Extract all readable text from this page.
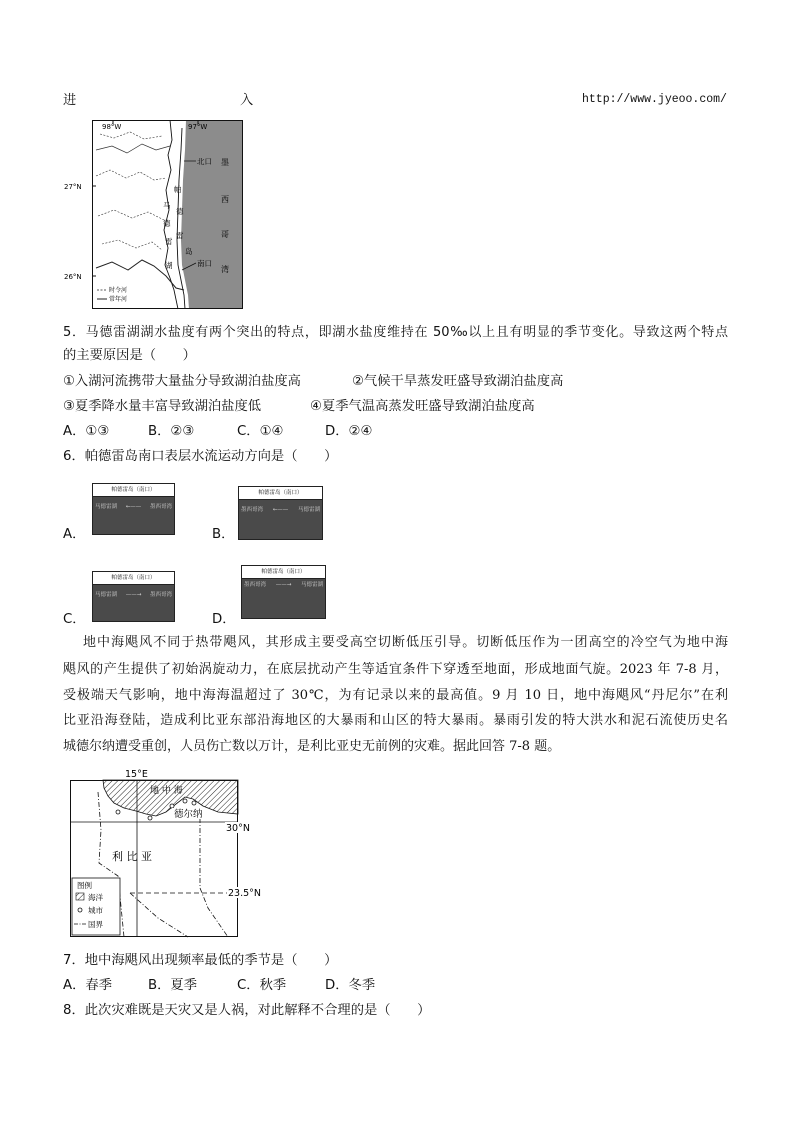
进	入	http://www.jyeoo.com/
27°N
26°N
98°W	97°W
北口
南口
墨
西
哥
湾
帕
德
雷
岛
马
德
雷
湖
时令河
常年河
5．马德雷湖湖水盐度有两个突出的特点，即湖水盐度维持在 50‰以上且有明显的季节变化。导致这两个特点
的主要原因是（　　）
①入湖河流携带大量盐分导致湖泊盐度高	②气候干旱蒸发旺盛导致湖泊盐度高
③夏季降水量丰富导致湖泊盐度低	④夏季气温高蒸发旺盛导致湖泊盐度高
A．①③	B．②③	C．①④	D．②④
6．帕德雷岛南口表层水流运动方向是（　　）
A．
帕德雷岛（南口）
马德雷湖 ←—— 墨西哥湾
B．
帕德雷岛（南口）
墨西哥湾 ←—— 马德雷湖
C．
帕德雷岛（南口）
马德雷湖 ——→ 墨西哥湾
D．
帕德雷岛（南口）
墨西哥湾 ——→ 马德雷湖
地中海飓风不同于热带飓风，其形成主要受高空切断低压引导。切断低压作为一团高空的冷空气为地中海
飓风的产生提供了初始涡旋动力，在底层扰动产生等适宜条件下穿透至地面，形成地面气旋。2023 年 7-8 月，
受极端天气影响，地中海海温超过了 30℃，为有记录以来的最高值。9 月 10 日，地中海飓风“丹尼尔”在利
比亚沿海登陆，造成利比亚东部沿海地区的大暴雨和山区的特大暴雨。暴雨引发的特大洪水和泥石流使历史名
城德尔纳遭受重创，人员伤亡数以万计，是利比亚史无前例的灾难。据此回答 7-8 题。
德尔纳
15°E
地 中 海
30°N
利 比 亚
23.5°N
图例
海洋
城市
国界
7．地中海飓风出现频率最低的季节是（　　）
A．春季	B．夏季	C．秋季	D．冬季
8．此次灾难既是天灾又是人祸，对此解释不合理的是（　　）
